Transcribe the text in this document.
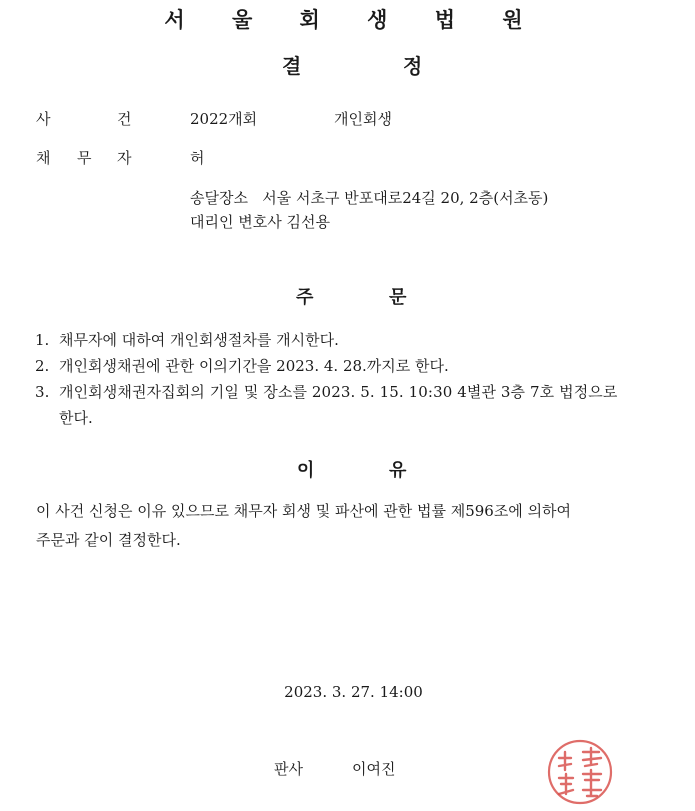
서 울 회 생 법 원
결	정
사	건	2022개회	개인회생
채 무 자	허
송달장소   서울 서초구 반포대로24길 20, 2층(서초동)
대리인 변호사 김선용
주	문
1. 채무자에 대하여 개인회생절차를 개시한다.
2. 개인회생채권에 관한 이의기간을 2023. 4. 28.까지로 한다.
3. 개인회생채권자집회의 기일 및 장소를 2023. 5. 15. 10:30 4별관 3층 7호 법정으로
한다.
이	유
이 사건 신청은 이유 있으므로 채무자 회생 및 파산에 관한 법률 제596조에 의하여
주문과 같이 결정한다.
2023. 3. 27. 14:00
판사	이여진
